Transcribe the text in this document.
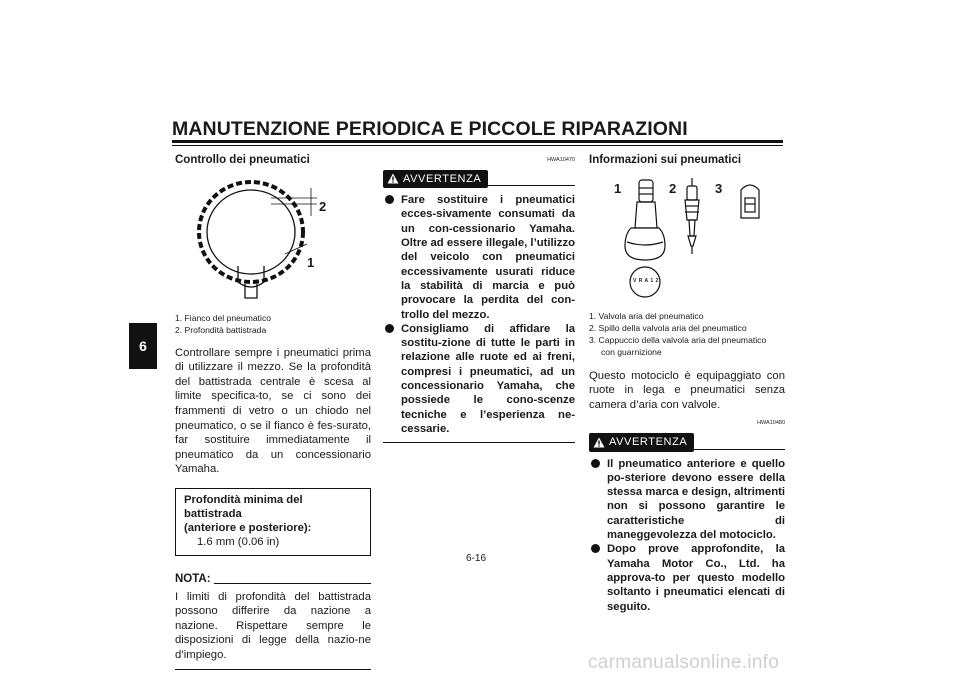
MANUTENZIONE PERIODICA E PICCOLE RIPARAZIONI
6
Controllo dei pneumatici
2
1
1. Fianco del pneumatico
2. Profondità battistrada
Controllare sempre i pneumatici prima di utilizzare il mezzo. Se la profondità del battistrada centrale è scesa al limite specifica-to, se ci sono dei frammenti di vetro o un chiodo nel pneumatico, o se il fianco è fes-surato, far sostituire immediatamente il pneumatico da un concessionario Yamaha.
Profondità minima del battistrada
(anteriore e posteriore):
1.6 mm (0.06 in)
NOTA:
I limiti di profondità del battistrada possono differire da nazione a nazione. Rispettare sempre le disposizioni di legge della nazio-ne d’impiego.
HWA10470
AVVERTENZA
Fare sostituire i pneumatici ecces-sivamente consumati da un con-cessionario Yamaha. Oltre ad essere illegale, l’utilizzo del veicolo con pneumatici eccessivamente usurati riduce la stabilità di marcia e può provocare la perdita del con-trollo del mezzo.
Consigliamo di affidare la sostitu-zione di tutte le parti in relazione alle ruote ed ai freni, compresi i pneumatici, ad un concessionario Yamaha, che possiede le cono-scenze tecniche e l’esperienza ne-cessarie.
Informazioni sui pneumatici
1	2	3
V R A 1 2
1. Valvola aria del pneumatico
2. Spillo della valvola aria del pneumatico
3. Cappuccio della valvola aria del pneumatico
con guarnizione
Questo motociclo è equipaggiato con ruote in lega e pneumatici senza camera d’aria con valvole.
HWA10480
AVVERTENZA
Il pneumatico anteriore e quello po-steriore devono essere della stessa marca e design, altrimenti non si possono garantire le caratteristiche di maneggevolezza del motociclo.
Dopo prove approfondite, la Yamaha Motor Co., Ltd. ha approva-to per questo modello soltanto i pneumatici elencati di seguito.
6-16
carmanualsonline.info
